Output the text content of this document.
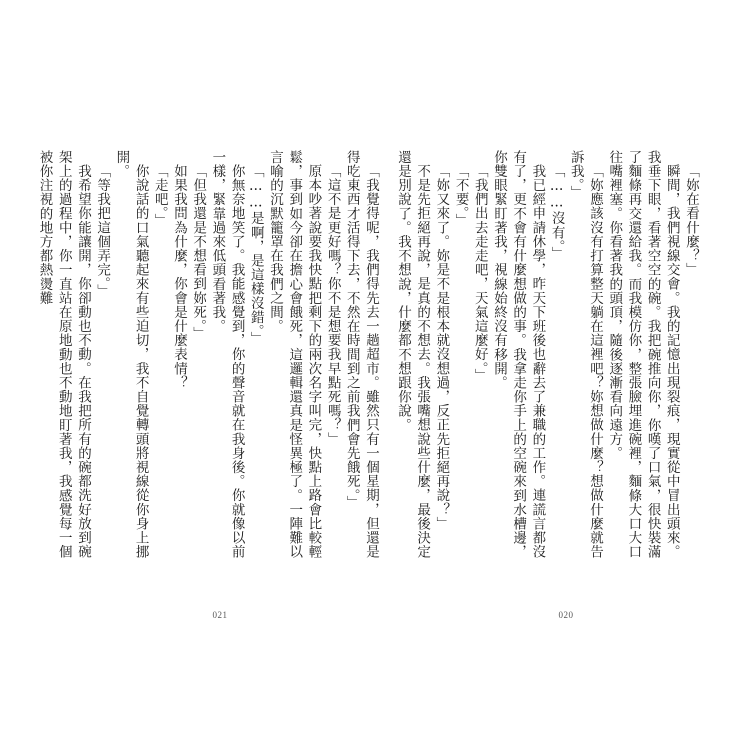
「我覺得呢，我們得先去一趟超市。雖然只有一個星期，但還是得吃東西才活得下去，不然在時間到之前我們會先餓死。」
「這不是更好嗎？你不是想要我早點死嗎？」
原本吵著說要我快點把剩下的兩次名字叫完，快點上路會比較輕鬆，事到如今卻在擔心會餓死，這邏輯還真是怪異極了。一陣難以言喻的沉默籠罩在我們之間。
「……是啊，是這樣沒錯。」
你無奈地笑了。我能感覺到，你的聲音就在我身後。你就像以前一樣，緊靠過來低頭看著我。
「但我還是不想看到妳死。」
如果我問為什麼，你會是什麼表情？
「走吧。」
你說話的口氣聽起來有些迫切，我不自覺轉頭將視線從你身上挪開。
「等我把這個弄完。」
我希望你能讓開，你卻動也不動。在我把所有的碗都洗好放到碗架上的過程中，你一直站在原地動也不動地盯著我，我感覺每一個被你注視的地方都熱燙難
021
「妳在看什麼？」
瞬間，我們視線交會。我的記憶出現裂痕，現實從中冒出頭來。我垂下眼，看著空空的碗。我把碗推向你，你嘆了口氣，很快裝滿了麵條再交還給我。而我模仿你，整張臉埋進碗裡，麵條大口大口往嘴裡塞。你看著我的頭頂，隨後逐漸看向遠方。
「妳應該沒有打算整天躺在這裡吧？妳想做什麼？想做什麼就告訴我。」
「……沒有。」
我已經申請休學，昨天下班後也辭去了兼職的工作。連謊言都沒有了，更不會有什麼想做的事。我拿走你手上的空碗來到水槽邊，你雙眼緊盯著我，視線始終沒有移開。
「我們出去走走吧，天氣這麼好。」
「不要。」
「妳又來了。妳是不是根本就沒想過，反正先拒絕再說？」
不是先拒絕再說，是真的不想去。我張嘴想說些什麼，最後決定還是別說了。我不想說，什麼都不想跟你說。
020
